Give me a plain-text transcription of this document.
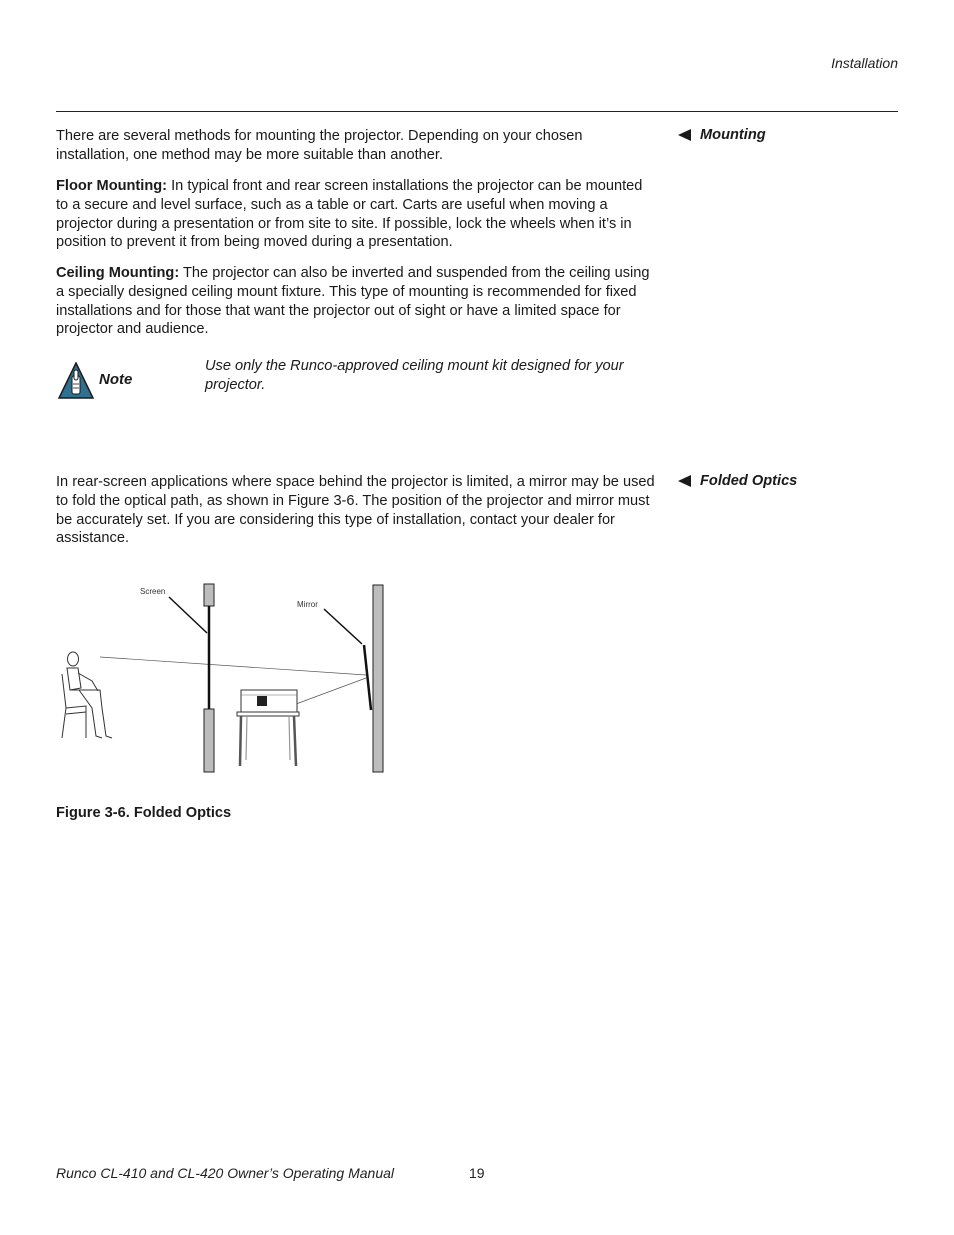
Installation
Mounting
There are several methods for mounting the projector. Depending on your chosen installation, one method may be more suitable than another.
Floor Mounting: In typical front and rear screen installations the projector can be mounted to a secure and level surface, such as a table or cart. Carts are useful when moving a projector during a presentation or from site to site. If possible, lock the wheels when it’s in position to prevent it from being moved during a presentation.
Ceiling Mounting: The projector can also be inverted and suspended from the ceiling using a specially designed ceiling mount fixture. This type of mounting is recommended for fixed installations and for those that want the projector out of sight or have a limited space for projector and audience.
Note
Use only the Runco-approved ceiling mount kit designed for your projector.
Folded Optics
In rear-screen applications where space behind the projector is limited, a mirror may be used to fold the optical path, as shown in Figure 3-6. The position of the projector and mirror must be accurately set. If you are considering this type of installation, contact your dealer for assistance.
Screen
Mirror
Figure 3-6. Folded Optics
Runco CL-410 and CL-420 Owner’s Operating Manual	19
